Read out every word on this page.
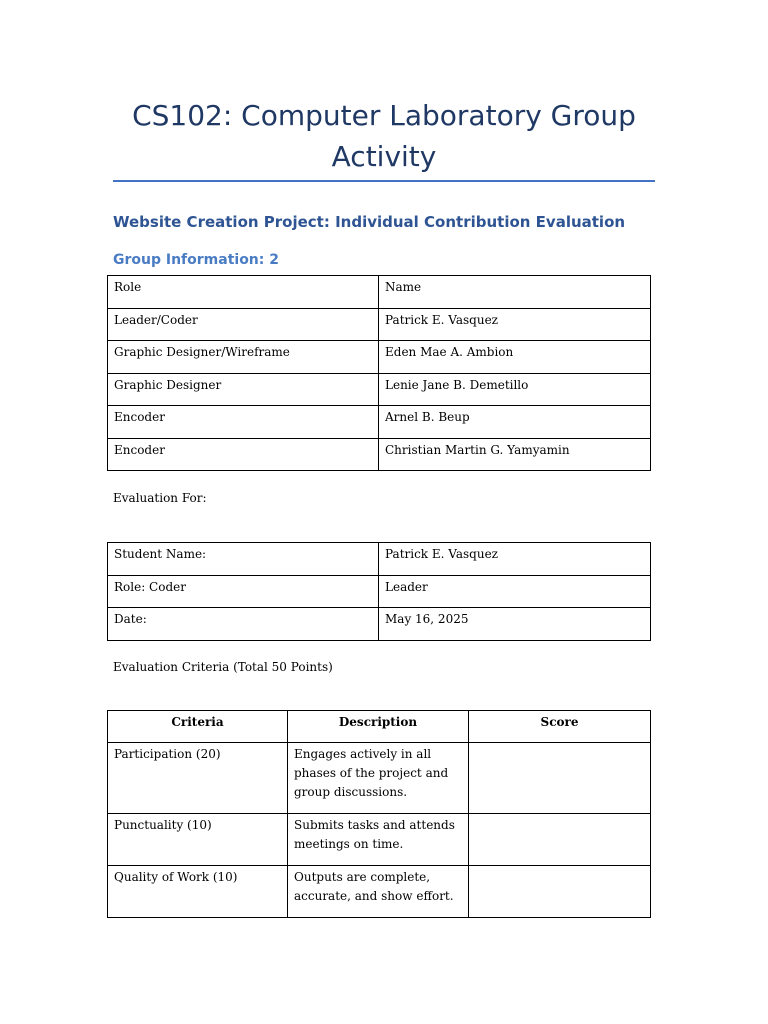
CS102: Computer Laboratory Group Activity
Website Creation Project: Individual Contribution Evaluation
Group Information: 2
Role	Name
Leader/Coder	Patrick E. Vasquez
Graphic Designer/Wireframe	Eden Mae A. Ambion
Graphic Designer	Lenie Jane B. Demetillo
Encoder	Arnel B. Beup
Encoder	Christian Martin G. Yamyamin
Evaluation For:
Student Name:	Patrick E. Vasquez
Role: Coder	Leader
Date:	May 16, 2025
Evaluation Criteria (Total 50 Points)
Criteria	Description	Score
Participation (20)	Engages actively in all phases of the project and group discussions.	
Punctuality (10)	Submits tasks and attends meetings on time.	
Quality of Work (10)	Outputs are complete, accurate, and show effort.	
